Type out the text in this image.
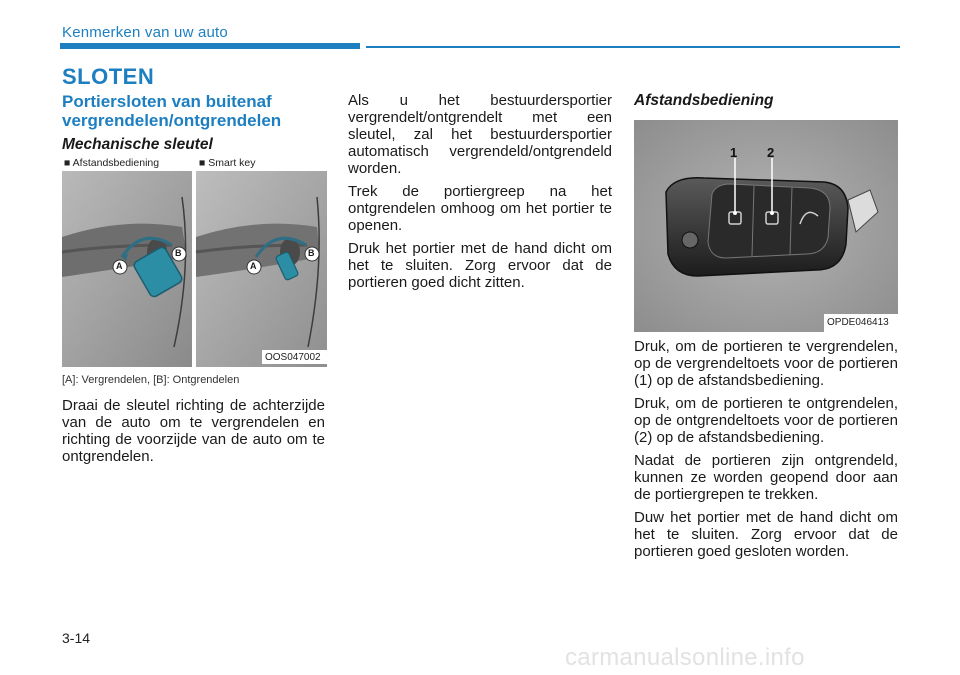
Kenmerken van uw auto
SLOTEN
Portiersloten van buitenaf
vergrendelen/ontgrendelen
Mechanische sleutel
■ Afstandsbediening	■ Smart key
A
B
A
B
OOS047002
[A]: Vergrendelen, [B]: Ontgrendelen
Draai de sleutel richting de achterzijde van de auto om te vergrendelen en richting de voorzijde van de auto om te ontgrendelen.

Als u het bestuurdersportier vergrendelt/ontgrendelt met een sleutel, zal het bestuurdersportier automatisch vergrendeld/ontgrendeld worden.

Trek de portiergreep na het ontgrendelen omhoog om het portier te openen.

Druk het portier met de hand dicht om het te sluiten. Zorg ervoor dat de portieren goed dicht zitten.

Afstandsbediening
1 2
OPDE046413

Druk, om de portieren te vergrendelen, op de vergrendeltoets voor de portieren (1) op de afstandsbediening.

Druk, om de portieren te ontgrendelen, op de ontgrendeltoets voor de portieren (2) op de afstandsbediening.

Nadat de portieren zijn ontgrendeld, kunnen ze worden geopend door aan de portiergrepen te trekken.

Duw het portier met de hand dicht om het te sluiten. Zorg ervoor dat de portieren goed gesloten worden.

3-14
carmanualsonline.info
